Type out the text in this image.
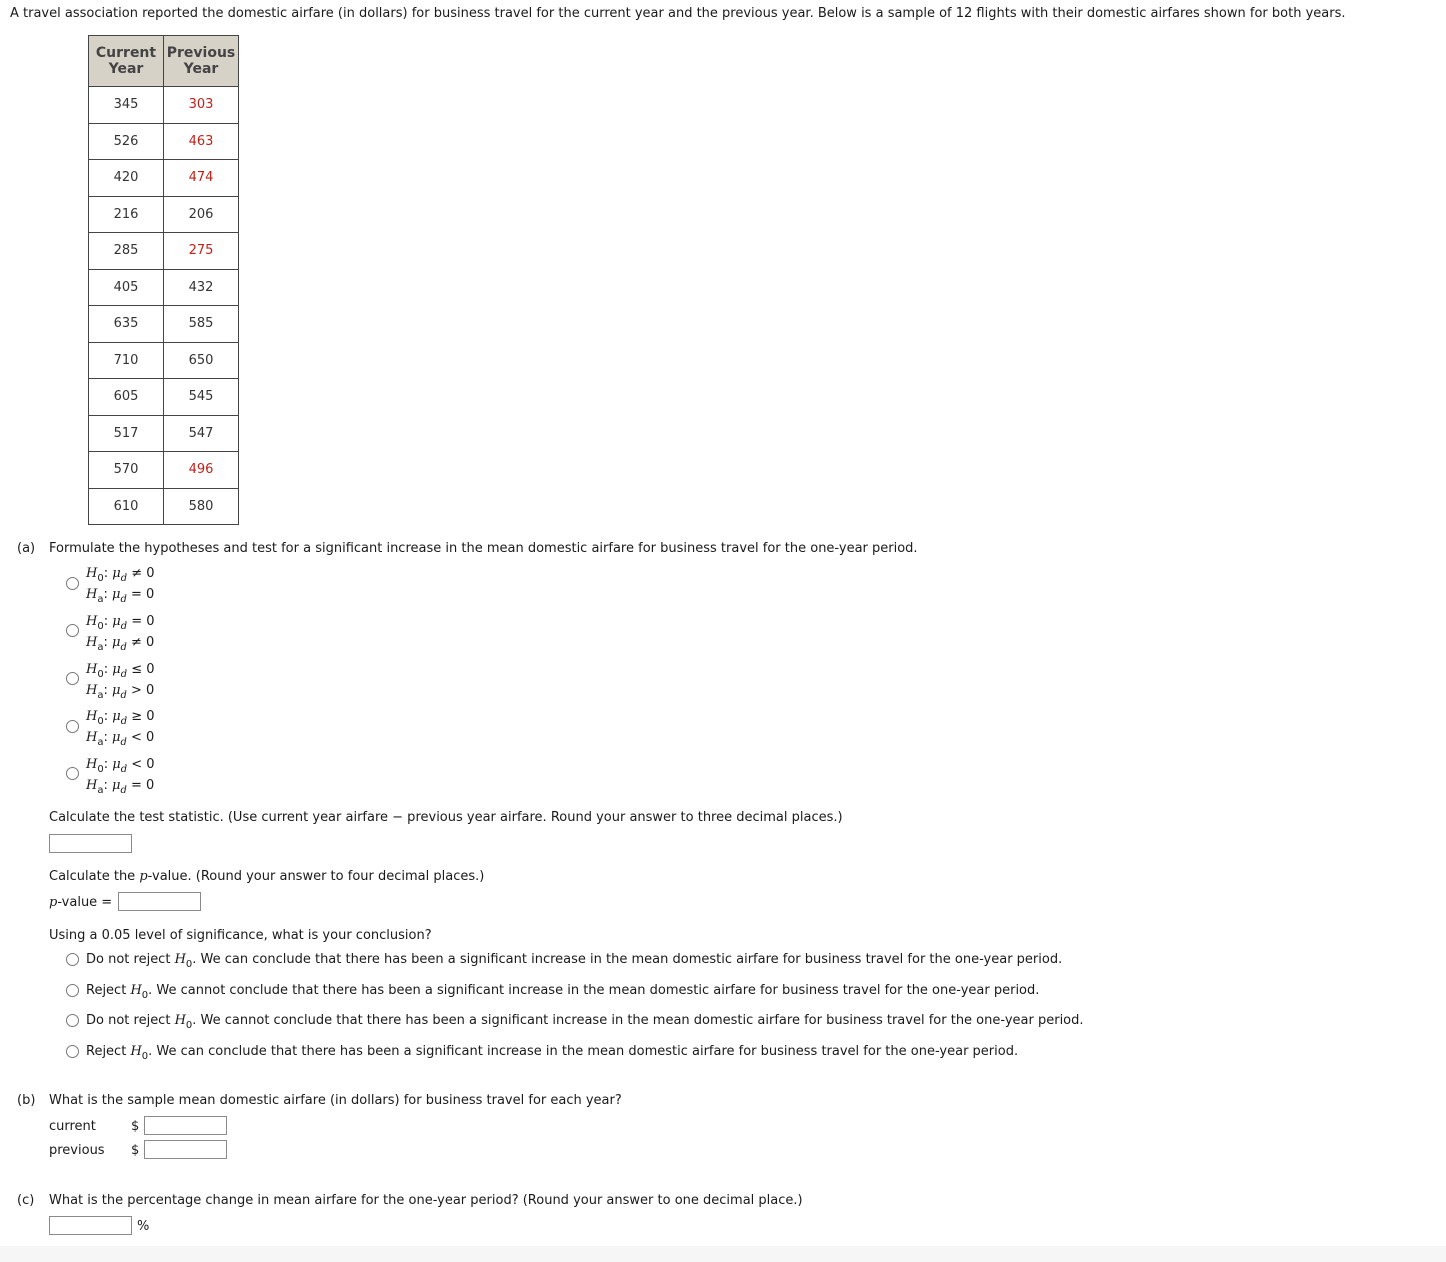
A travel association reported the domestic airfare (in dollars) for business travel for the current year and the previous year. Below is a sample of 12 flights with their domestic airfares shown for both years.
Current
Year	Previous
Year
345	303
526	463
420	474
216	206
285	275
405	432
635	585
710	650
605	545
517	547
570	496
610	580
(a) Formulate the hypotheses and test for a significant increase in the mean domestic airfare for business travel for the one-year period.
$H_0$: $\mu_d \ne 0$
$H_a$: $\mu_d = 0$
$H_0$: $\mu_d = 0$
$H_a$: $\mu_d \ne 0$
$H_0$: $\mu_d \le 0$
$H_a$: $\mu_d > 0$
$H_0$: $\mu_d \ge 0$
$H_a$: $\mu_d < 0$
$H_0$: $\mu_d < 0$
$H_a$: $\mu_d = 0$
Calculate the test statistic. (Use current year airfare − previous year airfare. Round your answer to three decimal places.)
Calculate the p-value. (Round your answer to four decimal places.)
p-value =
Using a 0.05 level of significance, what is your conclusion?
Do not reject $H_0$. We can conclude that there has been a significant increase in the mean domestic airfare for business travel for the one-year period.
Reject $H_0$. We cannot conclude that there has been a significant increase in the mean domestic airfare for business travel for the one-year period.
Do not reject $H_0$. We cannot conclude that there has been a significant increase in the mean domestic airfare for business travel for the one-year period.
Reject $H_0$. We can conclude that there has been a significant increase in the mean domestic airfare for business travel for the one-year period.
(b) What is the sample mean domestic airfare (in dollars) for business travel for each year?
current	$
previous $
(c) What is the percentage change in mean airfare for the one-year period? (Round your answer to one decimal place.)
%
